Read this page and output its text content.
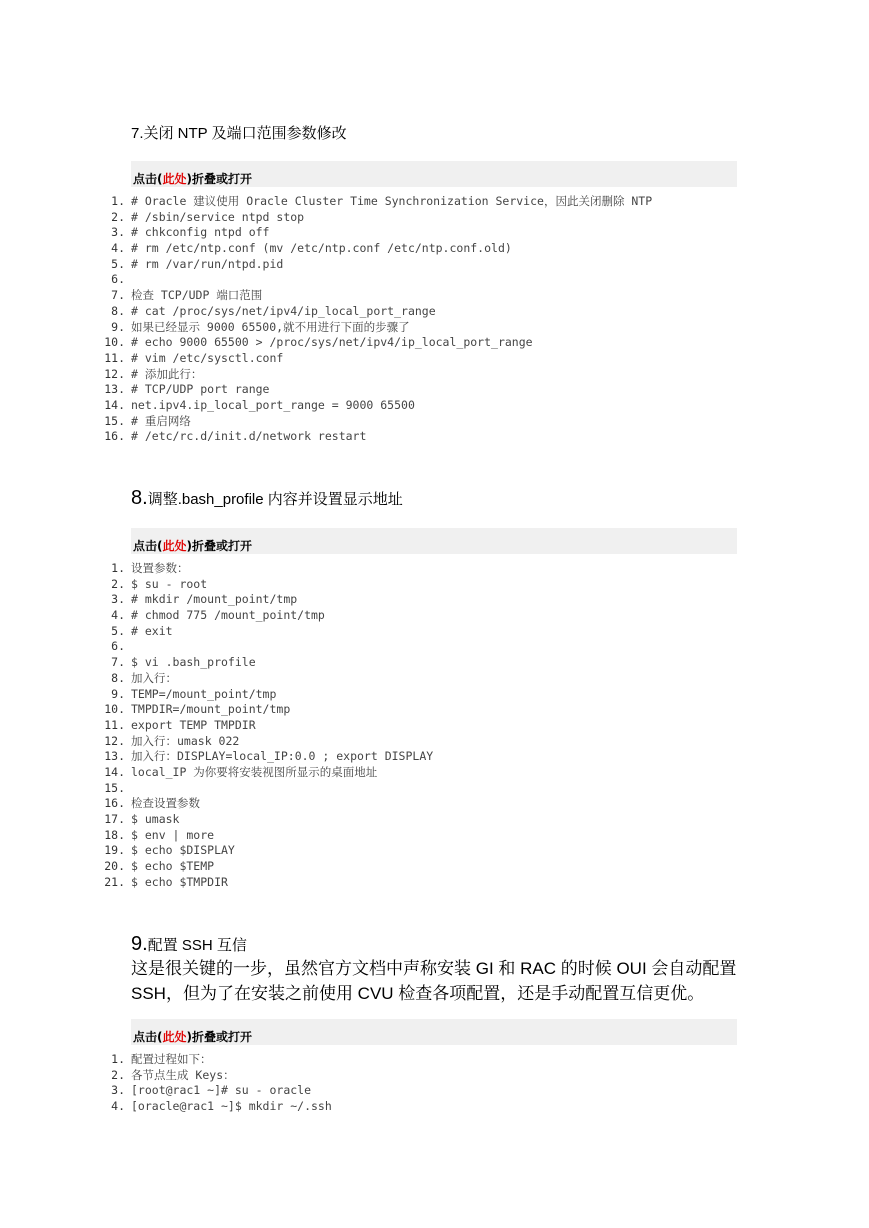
7.关闭 NTP 及端口范围参数修改
点击(此处)折叠或打开
1. # Oracle 建议使用 Oracle Cluster Time Synchronization Service，因此关闭删除 NTP
2. # /sbin/service ntpd stop
3. # chkconfig ntpd off
4. # rm /etc/ntp.conf (mv /etc/ntp.conf /etc/ntp.conf.old)
5. # rm /var/run/ntpd.pid
6.
7. 检查 TCP/UDP 端口范围
8. # cat /proc/sys/net/ipv4/ip_local_port_range
9. 如果已经显示 9000 65500,就不用进行下面的步骤了
10. # echo 9000 65500 > /proc/sys/net/ipv4/ip_local_port_range
11. # vim /etc/sysctl.conf
12. # 添加此行：
13. # TCP/UDP port range
14. net.ipv4.ip_local_port_range = 9000 65500
15. # 重启网络
16. # /etc/rc.d/init.d/network restart
8.调整.bash_profile 内容并设置显示地址
点击(此处)折叠或打开
1. 设置参数：
2. $ su - root
3. # mkdir /mount_point/tmp
4. # chmod 775 /mount_point/tmp
5. # exit
6.
7. $ vi .bash_profile
8. 加入行：
9. TEMP=/mount_point/tmp
10. TMPDIR=/mount_point/tmp
11. export TEMP TMPDIR
12. 加入行：umask 022
13. 加入行：DISPLAY=local_IP:0.0 ; export DISPLAY
14. local_IP 为你要将安装视图所显示的桌面地址
15.
16. 检查设置参数
17. $ umask
18. $ env | more
19. $ echo $DISPLAY
20. $ echo $TEMP
21. $ echo $TMPDIR
9.配置 SSH 互信
这是很关键的一步，虽然官方文档中声称安装 GI 和 RAC 的时候 OUI 会自动配置 SSH，但为了在安装之前使用 CVU 检查各项配置，还是手动配置互信更优。
点击(此处)折叠或打开
1. 配置过程如下：
2. 各节点生成 Keys：
3. [root@rac1 ~]# su - oracle
4. [oracle@rac1 ~]$ mkdir ~/.ssh
